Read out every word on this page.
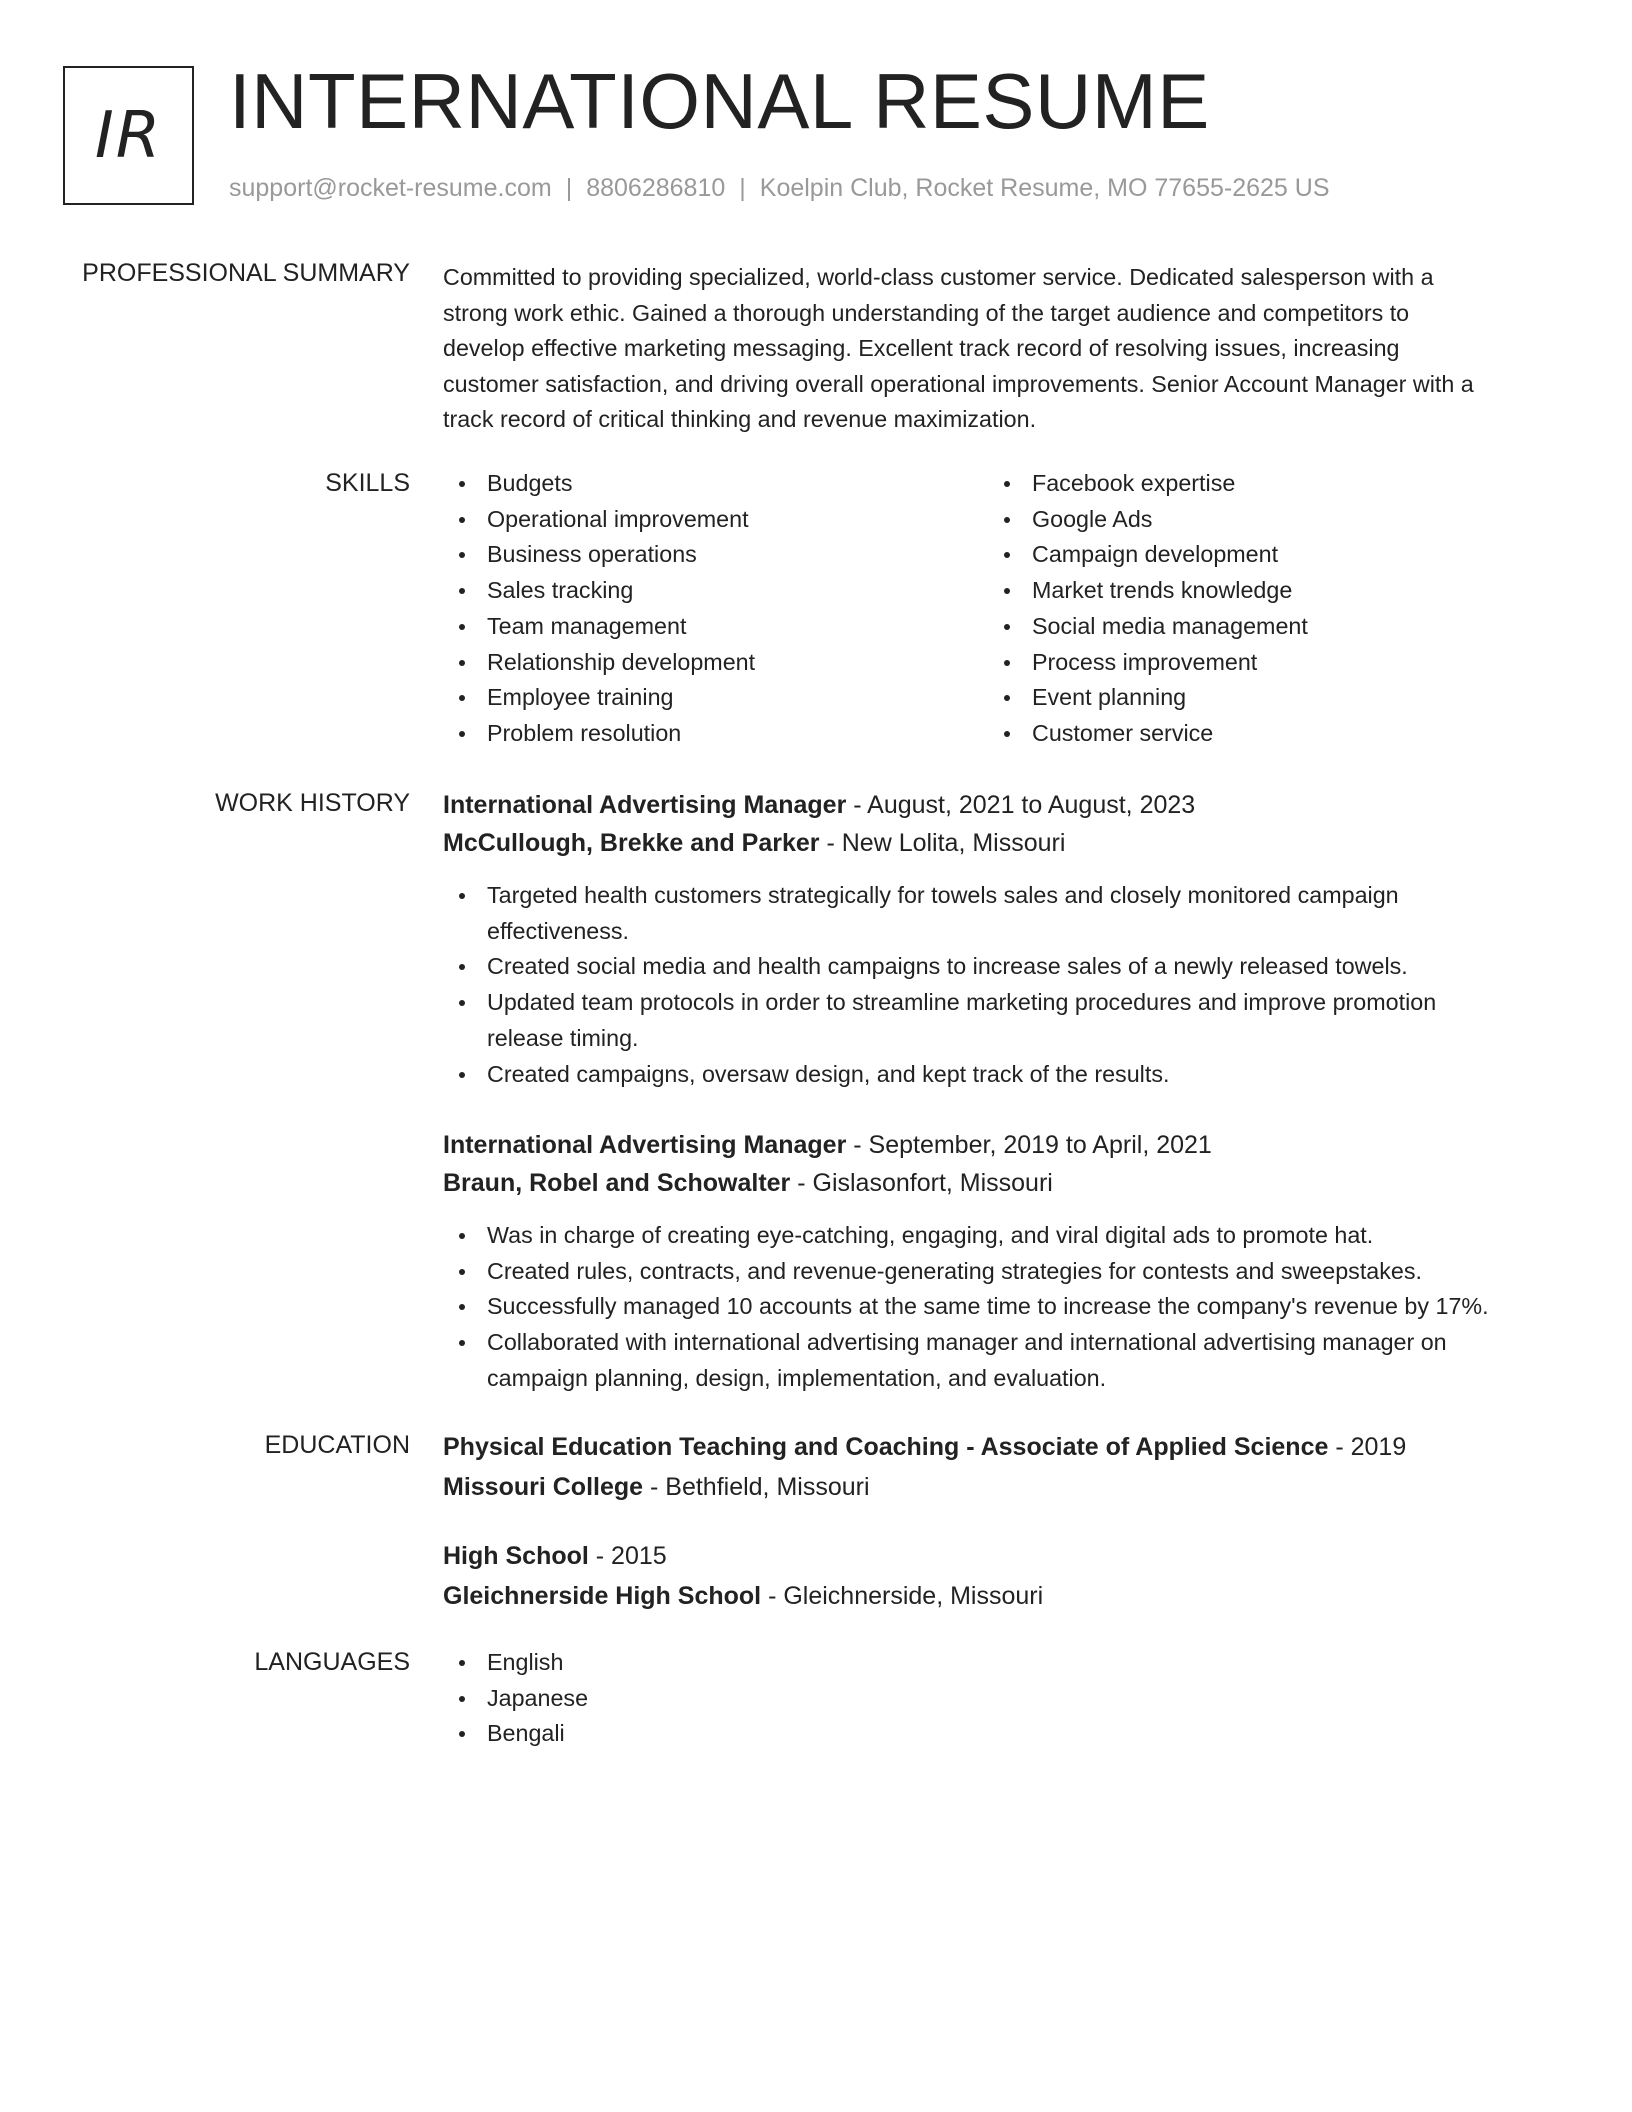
IR INTERNATIONAL RESUME
support@rocket-resume.com | 8806286810 | Koelpin Club, Rocket Resume, MO 77655-2625 US
PROFESSIONAL SUMMARY Committed to providing specialized, world-class customer service. Dedicated salesperson with a
strong work ethic. Gained a thorough understanding of the target audience and competitors to
develop effective marketing messaging. Excellent track record of resolving issues, increasing
customer satisfaction, and driving overall operational improvements. Senior Account Manager with a
track record of critical thinking and revenue maximization.
SKILLS	Budgets
Operational improvement
Business operations
Sales tracking
Team management
Relationship development
Employee training
Problem resolution
Facebook expertise
Google Ads
Campaign development
Market trends knowledge
Social media management
Process improvement
Event planning
Customer service
WORK HISTORY International Advertising Manager - August, 2021 to August, 2023
McCullough, Brekke and Parker - New Lolita, Missouri
Targeted health customers strategically for towels sales and closely monitored campaign
effectiveness.
Created social media and health campaigns to increase sales of a newly released towels.
Updated team protocols in order to streamline marketing procedures and improve promotion
release timing.
Created campaigns, oversaw design, and kept track of the results.
International Advertising Manager - September, 2019 to April, 2021
Braun, Robel and Schowalter - Gislasonfort, Missouri
Was in charge of creating eye-catching, engaging, and viral digital ads to promote hat.
Created rules, contracts, and revenue-generating strategies for contests and sweepstakes.
Successfully managed 10 accounts at the same time to increase the company's revenue by 17%.
Collaborated with international advertising manager and international advertising manager on
campaign planning, design, implementation, and evaluation.
EDUCATION Physical Education Teaching and Coaching - Associate of Applied Science - 2019
Missouri College - Bethfield, Missouri
High School - 2015
Gleichnerside High School - Gleichnerside, Missouri
LANGUAGES	English
Japanese
Bengali
